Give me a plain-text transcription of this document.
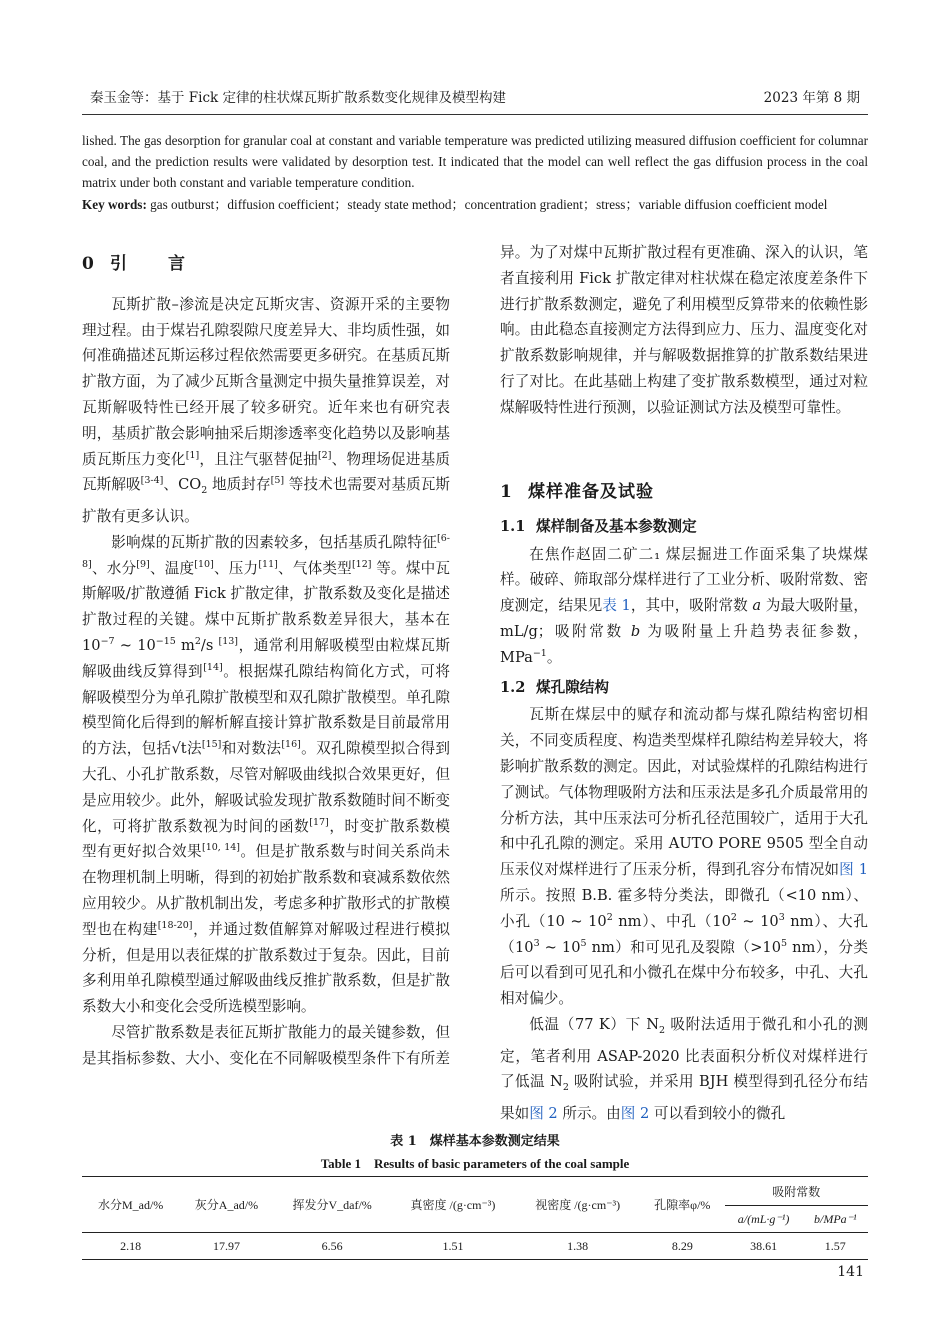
秦玉金等：基于 Fick 定律的柱状煤瓦斯扩散系数变化规律及模型构建	2023 年第 8 期
lished. The gas desorption for granular coal at constant and variable temperature was predicted utilizing measured diffusion coefficient for columnar coal, and the prediction results were validated by desorption test. It indicated that the model can well reflect the gas diffusion process in the coal matrix under both constant and variable temperature condition.
Key words: gas outburst；diffusion coefficient；steady state method；concentration gradient；stress；variable diffusion coefficient model
0 引　言

瓦斯扩散–渗流是决定瓦斯灾害、资源开采的主要物理过程。由于煤岩孔隙裂隙尺度差异大、非均质性强，如何准确描述瓦斯运移过程依然需要更多研究。在基质瓦斯扩散方面，为了减少瓦斯含量测定中损失量推算误差，对瓦斯解吸特性已经开展了较多研究。近年来也有研究表明，基质扩散会影响抽采后期渗透率变化趋势以及影响基质瓦斯压力变化[1]，且注气驱替促抽[2]、物理场促进基质瓦斯解吸[3-4]、$CO_2$ 地质封存[5] 等技术也需要对基质瓦斯扩散有更多认识。

影响煤的瓦斯扩散的因素较多，包括基质孔隙特征[6-8]、水分[9]、温度[10]、压力[11]、气体类型[12] 等。煤中瓦斯解吸/扩散遵循 Fick 扩散定律，扩散系数及变化是描述扩散过程的关键。煤中瓦斯扩散系数差异很大，基本在 10$^{-7}$ ~ 10$^{-15}$ m$^2$/s [13]，通常利用解吸模型由粒煤瓦斯解吸曲线反算得到[14]。根据煤孔隙结构简化方式，可将解吸模型分为单孔隙扩散模型和双孔隙扩散模型。单孔隙模型简化后得到的解析解直接计算扩散系数是目前最常用的方法，包括√t法[15]和对数法[16]。双孔隙模型拟合得到大孔、小孔扩散系数，尽管对解吸曲线拟合效果更好，但是应用较少。此外，解吸试验发现扩散系数随时间不断变化，可将扩散系数视为时间的函数[17]，时变扩散系数模型有更好拟合效果[10, 14]。但是扩散系数与时间关系尚未在物理机制上明晰，得到的初始扩散系数和衰减系数依然应用较少。从扩散机制出发，考虑多种扩散形式的扩散模型也在构建[18-20]，并通过数值解算对解吸过程进行模拟分析，但是用以表征煤的扩散系数过于复杂。因此，目前多利用单孔隙模型通过解吸曲线反推扩散系数，但是扩散系数大小和变化会受所选模型影响。

尽管扩散系数是表征瓦斯扩散能力的最关键参数，但是其指标参数、大小、变化在不同解吸模型条件下有所差

异。为了对煤中瓦斯扩散过程有更准确、深入的认识，笔者直接利用 Fick 扩散定律对柱状煤在稳定浓度差条件下进行扩散系数测定，避免了利用模型反算带来的依赖性影响。由此稳态直接测定方法得到应力、压力、温度变化对扩散系数影响规律，并与解吸数据推算的扩散系数结果进行了对比。在此基础上构建了变扩散系数模型，通过对粒煤解吸特性进行预测，以验证测试方法及模型可靠性。

1 煤样准备及试验
1.1 煤样制备及基本参数测定

在焦作赵固二矿二₁ 煤层掘进工作面采集了块煤煤样。破碎、筛取部分煤样进行了工业分析、吸附常数、密度测定，结果见表 1，其中，吸附常数 a 为最大吸附量，mL/g；吸附常数 b 为吸附量上升趋势表征参数，MPa$^{-1}$。

1.2 煤孔隙结构

瓦斯在煤层中的赋存和流动都与煤孔隙结构密切相关，不同变质程度、构造类型煤样孔隙结构差异较大，将影响扩散系数的测定。因此，对试验煤样的孔隙结构进行了测试。气体物理吸附方法和压汞法是多孔介质最常用的分析方法，其中压汞法可分析孔径范围较广，适用于大孔和中孔孔隙的测定。采用 AUTO PORE 9505 型全自动压汞仪对煤样进行了压汞分析，得到孔容分布情况如图 1 所示。按照 B.B. 霍多特分类法，即微孔（<10 nm）、小孔（10 ~ 10$^2$ nm）、中孔（10$^2$ ~ 10$^3$ nm）、大孔（10$^3$ ~ 10$^5$ nm）和可见孔及裂隙（>10$^5$ nm），分类后可以看到可见孔和小微孔在煤中分布较多，中孔、大孔相对偏少。

低温（77 K）下 $N_2$ 吸附法适用于微孔和小孔的测定，笔者利用 ASAP-2020 比表面积分析仪对煤样进行了低温 $N_2$ 吸附试验，并采用 BJH 模型得到孔径分布结果如图 2 所示。由图 2 可以看到较小的微孔

表 1　煤样基本参数测定结果
Table 1　Results of basic parameters of the coal sample
水分M_ad/%	灰分A_ad/%	挥发分V_daf/%	真密度 /(g·cm⁻³)	视密度 /(g·cm⁻³)	孔隙率φ/%	吸附常数	
						a/(mL·g⁻¹)	b/MPa⁻¹
2.18	17.97	6.56	1.51	1.38	8.29	38.61	1.57
141
